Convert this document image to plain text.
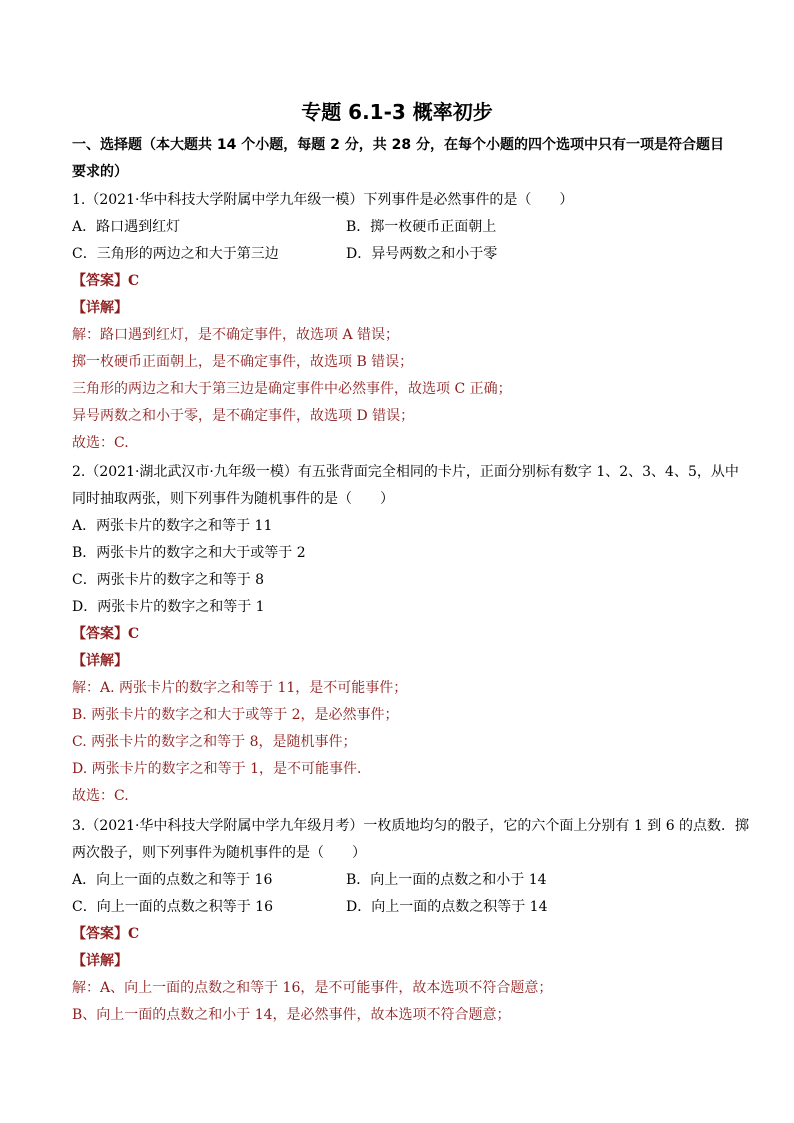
专题 6.1-3 概率初步
一、选择题（本大题共 14 个小题，每题 2 分，共 28 分，在每个小题的四个选项中只有一项是符合题目要求的）
1.（2021·华中科技大学附属中学九年级一模）下列事件是必然事件的是（　　）
A．路口遇到红灯	B．掷一枚硬币正面朝上
C．三角形的两边之和大于第三边	D．异号两数之和小于零
【答案】C
【详解】
解：路口遇到红灯，是不确定事件，故选项 A 错误；
掷一枚硬币正面朝上，是不确定事件，故选项 B 错误；
三角形的两边之和大于第三边是确定事件中必然事件，故选项 C 正确；
异号两数之和小于零，是不确定事件，故选项 D 错误；
故选：C.
2.（2021·湖北武汉市·九年级一模）有五张背面完全相同的卡片，正面分别标有数字 1、2、3、4、5，从中
同时抽取两张，则下列事件为随机事件的是（　　）
A．两张卡片的数字之和等于 11
B．两张卡片的数字之和大于或等于 2
C．两张卡片的数字之和等于 8
D．两张卡片的数字之和等于 1
【答案】C
【详解】
解：A. 两张卡片的数字之和等于 11，是不可能事件；
B. 两张卡片的数字之和大于或等于 2，是必然事件；
C. 两张卡片的数字之和等于 8，是随机事件；
D. 两张卡片的数字之和等于 1，是不可能事件．
故选：C.
3.（2021·华中科技大学附属中学九年级月考）一枚质地均匀的骰子，它的六个面上分别有 1 到 6 的点数．掷
两次骰子，则下列事件为随机事件的是（　　）
A．向上一面的点数之和等于 16	B．向上一面的点数之和小于 14
C．向上一面的点数之积等于 16	D．向上一面的点数之积等于 14
【答案】C
【详解】
解：A、向上一面的点数之和等于 16，是不可能事件，故本选项不符合题意；
B、向上一面的点数之和小于 14，是必然事件，故本选项不符合题意；
